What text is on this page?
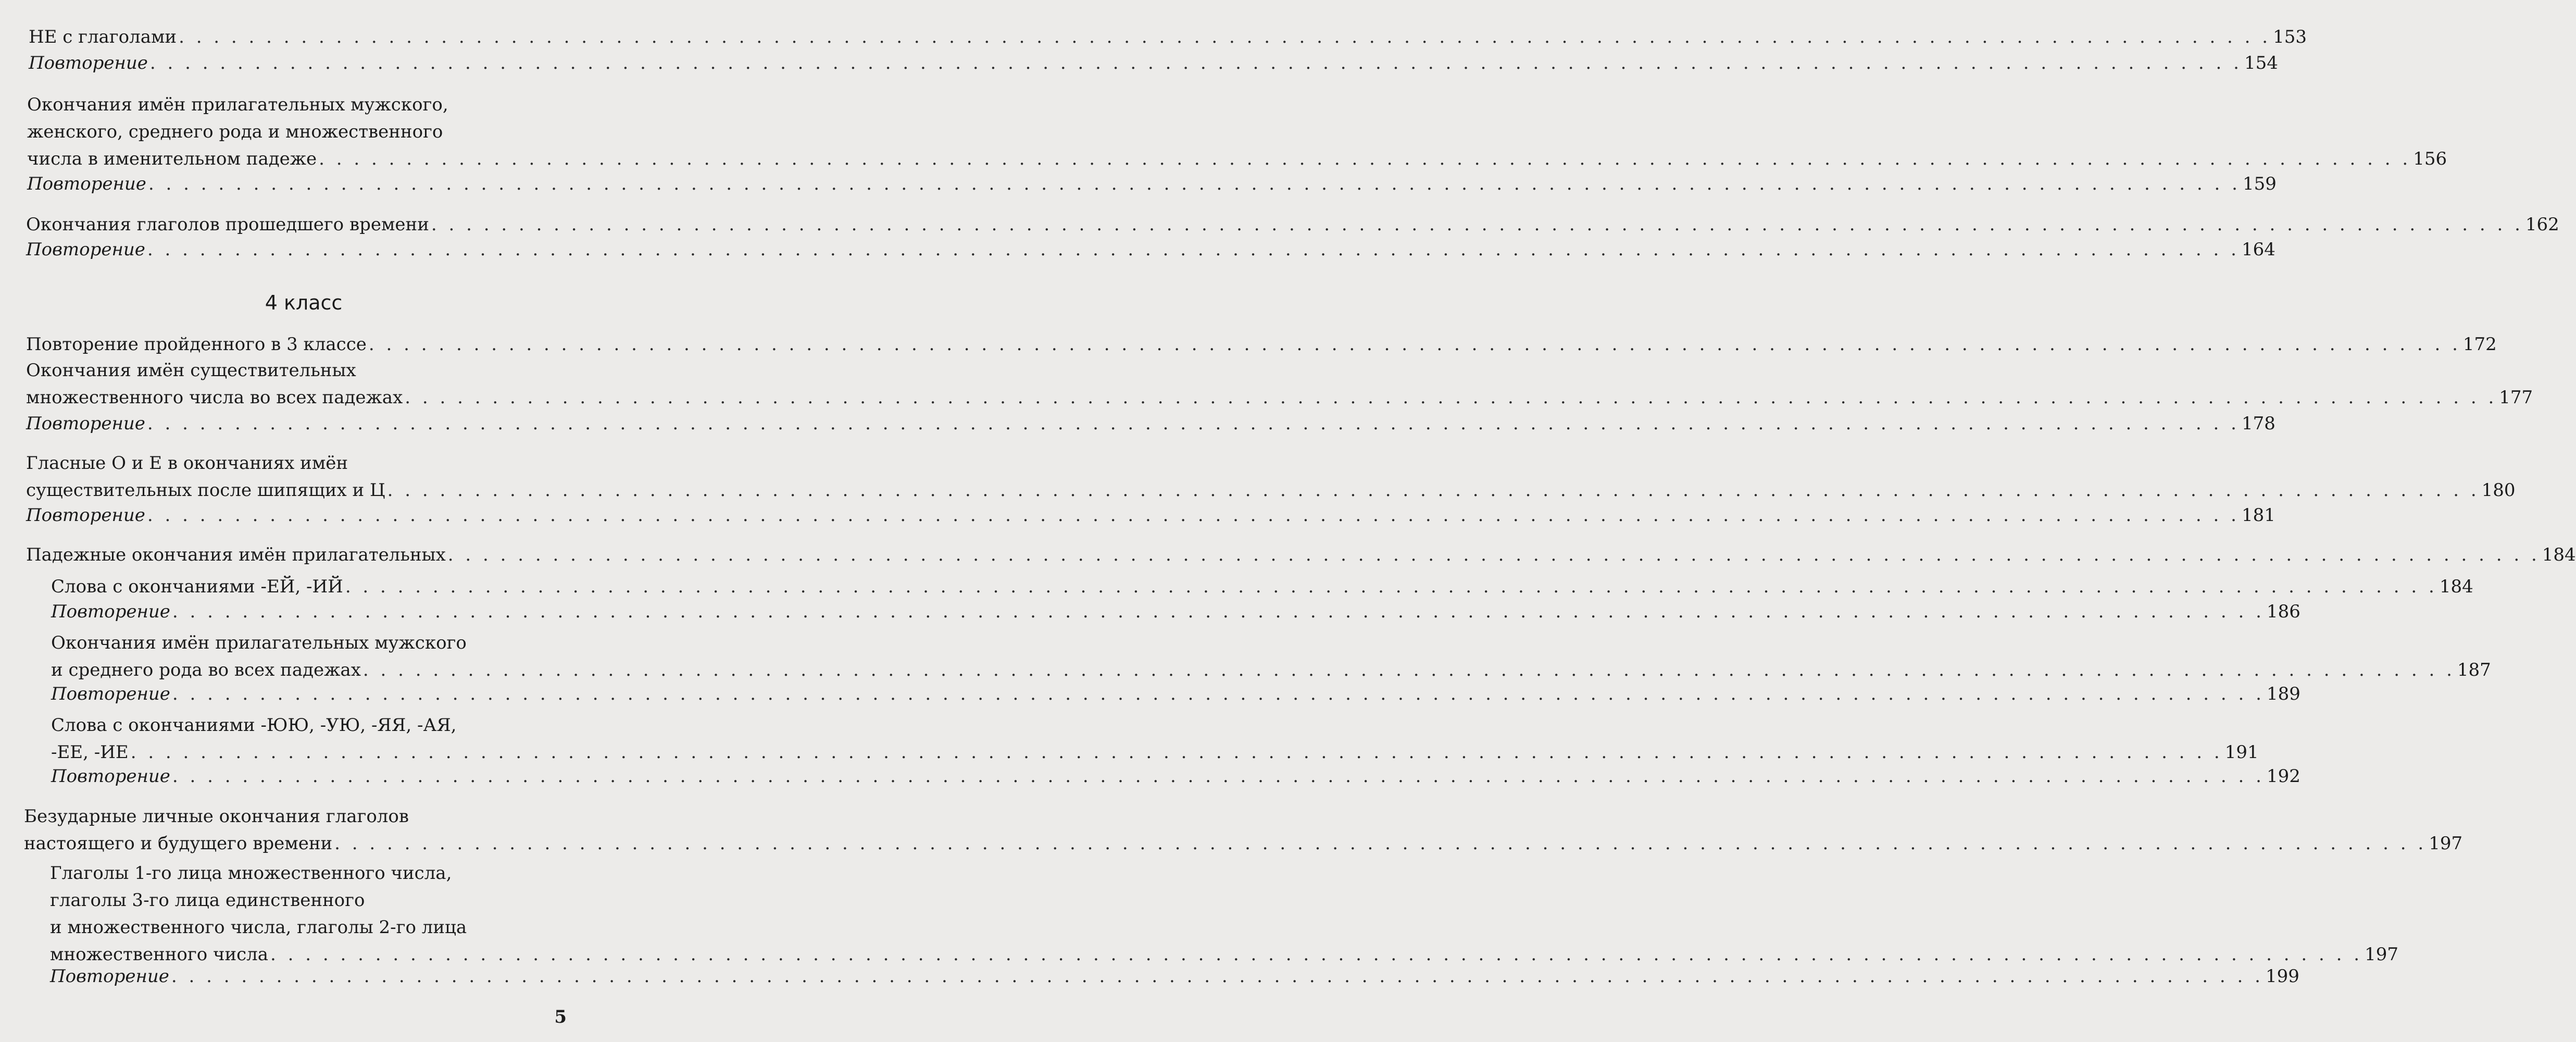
НЕ с глаголами . . . . . . . . . . . . . . . . . . . . . . . . . . . . . . . . . . . . . . . . . . . . . . . . . . . . . . . . . . . . . . . . . . . . . . . . . . . . . . . . . . . . . . . . . . . . . . . . . . . . . . . . . . . . . . . . . . . . . . . . 153
Повторение . . . . . . . . . . . . . . . . . . . . . . . . . . . . . . . . . . . . . . . . . . . . . . . . . . . . . . . . . . . . . . . . . . . . . . . . . . . . . . . . . . . . . . . . . . . . . . . . . . . . . . . . . . . . . . . . . . . . . . . . 154
Окончания имён прилагательных мужского,
женского, среднего рода и множественного
числа в именительном падеже . . . . . . . . . . . . . . . . . . . . . . . . . . . . . . . . . . . . . . . . . . . . . . . . . . . . . . . . . . . . . . . . . . . . . . . . . . . . . . . . . . . . . . . . . . . . . . . . . . . . . . . . . . . . . . . . . . . . . . . . 156
Повторение . . . . . . . . . . . . . . . . . . . . . . . . . . . . . . . . . . . . . . . . . . . . . . . . . . . . . . . . . . . . . . . . . . . . . . . . . . . . . . . . . . . . . . . . . . . . . . . . . . . . . . . . . . . . . . . . . . . . . . . . 159
Окончания глаголов прошедшего времени . . . . . . . . . . . . . . . . . . . . . . . . . . . . . . . . . . . . . . . . . . . . . . . . . . . . . . . . . . . . . . . . . . . . . . . . . . . . . . . . . . . . . . . . . . . . . . . . . . . . . . . . . . . . . . . . . . . . . . . . 162
Повторение . . . . . . . . . . . . . . . . . . . . . . . . . . . . . . . . . . . . . . . . . . . . . . . . . . . . . . . . . . . . . . . . . . . . . . . . . . . . . . . . . . . . . . . . . . . . . . . . . . . . . . . . . . . . . . . . . . . . . . . . 164
4 класс
Повторение пройденного в 3 классе . . . . . . . . . . . . . . . . . . . . . . . . . . . . . . . . . . . . . . . . . . . . . . . . . . . . . . . . . . . . . . . . . . . . . . . . . . . . . . . . . . . . . . . . . . . . . . . . . . . . . . . . . . . . . . . . . . . . . . . . 172
Окончания имён существительных
множественного числа во всех падежах . . . . . . . . . . . . . . . . . . . . . . . . . . . . . . . . . . . . . . . . . . . . . . . . . . . . . . . . . . . . . . . . . . . . . . . . . . . . . . . . . . . . . . . . . . . . . . . . . . . . . . . . . . . . . . . . . . . . . . . . 177
Повторение . . . . . . . . . . . . . . . . . . . . . . . . . . . . . . . . . . . . . . . . . . . . . . . . . . . . . . . . . . . . . . . . . . . . . . . . . . . . . . . . . . . . . . . . . . . . . . . . . . . . . . . . . . . . . . . . . . . . . . . . 178
Гласные О и Е в окончаниях имён
существительных после шипящих и Ц . . . . . . . . . . . . . . . . . . . . . . . . . . . . . . . . . . . . . . . . . . . . . . . . . . . . . . . . . . . . . . . . . . . . . . . . . . . . . . . . . . . . . . . . . . . . . . . . . . . . . . . . . . . . . . . . . . . . . . . . 180
Повторение . . . . . . . . . . . . . . . . . . . . . . . . . . . . . . . . . . . . . . . . . . . . . . . . . . . . . . . . . . . . . . . . . . . . . . . . . . . . . . . . . . . . . . . . . . . . . . . . . . . . . . . . . . . . . . . . . . . . . . . . 181
Падежные окончания имён прилагательных . . . . . . . . . . . . . . . . . . . . . . . . . . . . . . . . . . . . . . . . . . . . . . . . . . . . . . . . . . . . . . . . . . . . . . . . . . . . . . . . . . . . . . . . . . . . . . . . . . . . . . . . . . . . . . . . . . . . . . . . 184
Слова с окончаниями -ЕЙ, -ИЙ . . . . . . . . . . . . . . . . . . . . . . . . . . . . . . . . . . . . . . . . . . . . . . . . . . . . . . . . . . . . . . . . . . . . . . . . . . . . . . . . . . . . . . . . . . . . . . . . . . . . . . . . . . . . . . . . . . . . . . . . 184
Повторение . . . . . . . . . . . . . . . . . . . . . . . . . . . . . . . . . . . . . . . . . . . . . . . . . . . . . . . . . . . . . . . . . . . . . . . . . . . . . . . . . . . . . . . . . . . . . . . . . . . . . . . . . . . . . . . . . . . . . . . . 186
Окончания имён прилагательных мужского
и среднего рода во всех падежах . . . . . . . . . . . . . . . . . . . . . . . . . . . . . . . . . . . . . . . . . . . . . . . . . . . . . . . . . . . . . . . . . . . . . . . . . . . . . . . . . . . . . . . . . . . . . . . . . . . . . . . . . . . . . . . . . . . . . . . . 187
Повторение . . . . . . . . . . . . . . . . . . . . . . . . . . . . . . . . . . . . . . . . . . . . . . . . . . . . . . . . . . . . . . . . . . . . . . . . . . . . . . . . . . . . . . . . . . . . . . . . . . . . . . . . . . . . . . . . . . . . . . . . 189
Слова с окончаниями -ЮЮ, -УЮ, -ЯЯ, -АЯ,
-ЕЕ, -ИЕ . . . . . . . . . . . . . . . . . . . . . . . . . . . . . . . . . . . . . . . . . . . . . . . . . . . . . . . . . . . . . . . . . . . . . . . . . . . . . . . . . . . . . . . . . . . . . . . . . . . . . . . . . . . . . . . . . . . . . . . . 191
Повторение . . . . . . . . . . . . . . . . . . . . . . . . . . . . . . . . . . . . . . . . . . . . . . . . . . . . . . . . . . . . . . . . . . . . . . . . . . . . . . . . . . . . . . . . . . . . . . . . . . . . . . . . . . . . . . . . . . . . . . . . 192
Безударные личные окончания глаголов
настоящего и будущего времени . . . . . . . . . . . . . . . . . . . . . . . . . . . . . . . . . . . . . . . . . . . . . . . . . . . . . . . . . . . . . . . . . . . . . . . . . . . . . . . . . . . . . . . . . . . . . . . . . . . . . . . . . . . . . . . . . . . . . . . . 197
Глаголы 1-го лица множественного числа,
глаголы 3-го лица единственного
и множественного числа, глаголы 2-го лица
множественного числа . . . . . . . . . . . . . . . . . . . . . . . . . . . . . . . . . . . . . . . . . . . . . . . . . . . . . . . . . . . . . . . . . . . . . . . . . . . . . . . . . . . . . . . . . . . . . . . . . . . . . . . . . . . . . . . . . . . . . . . . 197
Повторение . . . . . . . . . . . . . . . . . . . . . . . . . . . . . . . . . . . . . . . . . . . . . . . . . . . . . . . . . . . . . . . . . . . . . . . . . . . . . . . . . . . . . . . . . . . . . . . . . . . . . . . . . . . . . . . . . . . . . . . . 199
5
